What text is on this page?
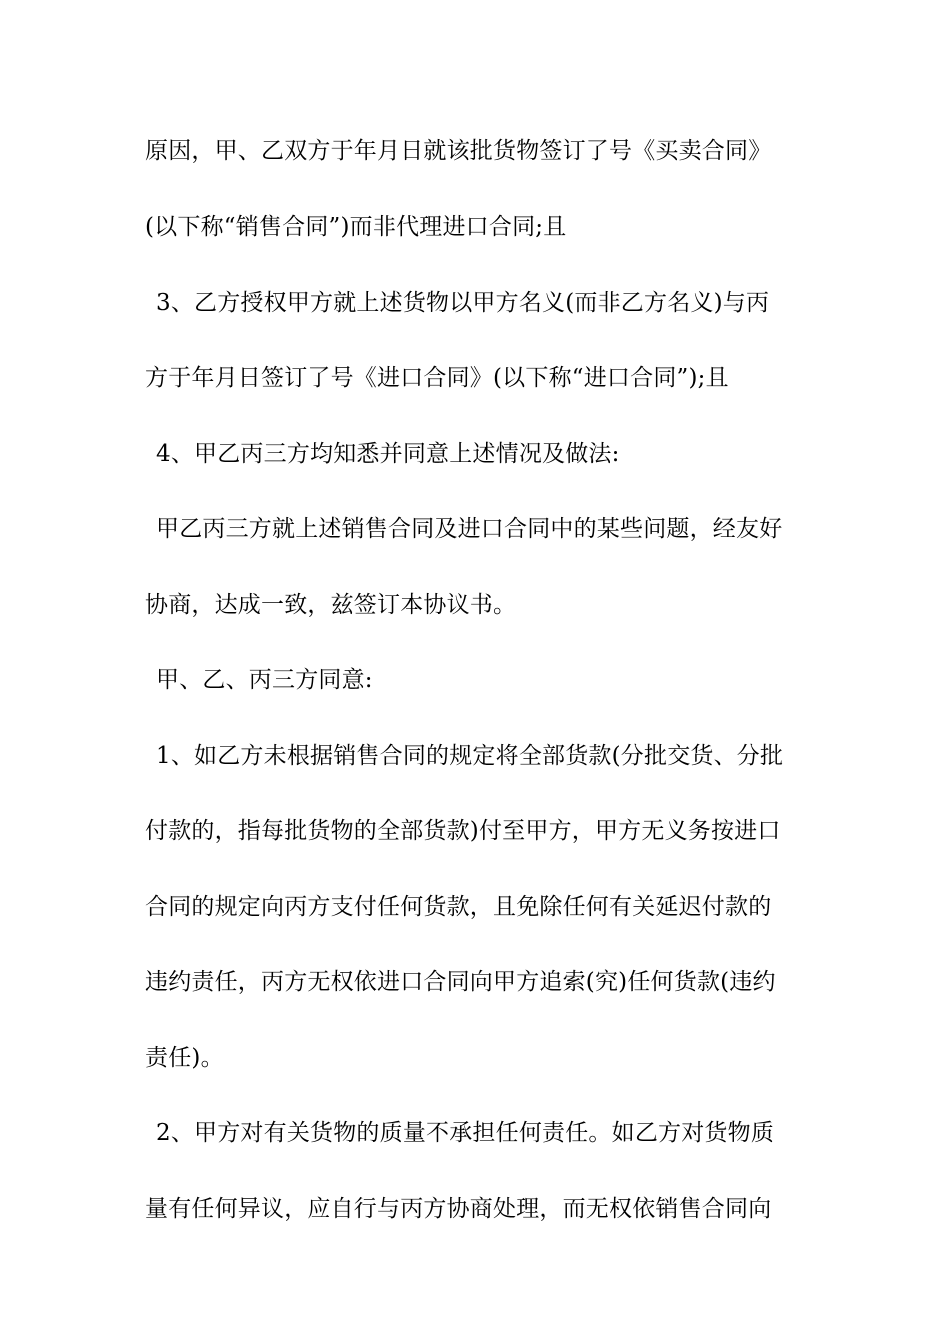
原因，甲、乙双方于年月日就该批货物签订了号《买卖合同》
(以下称“销售合同”)而非代理进口合同;且
3、乙方授权甲方就上述货物以甲方名义(而非乙方名义)与丙
方于年月日签订了号《进口合同》(以下称“进口合同”);且
4、甲乙丙三方均知悉并同意上述情况及做法:
甲乙丙三方就上述销售合同及进口合同中的某些问题，经友好
协商，达成一致，兹签订本协议书。
甲、乙、丙三方同意:
1、如乙方未根据销售合同的规定将全部货款(分批交货、分批
付款的，指每批货物的全部货款)付至甲方，甲方无义务按进口
合同的规定向丙方支付任何货款，且免除任何有关延迟付款的
违约责任，丙方无权依进口合同向甲方追索(究)任何货款(违约
责任)。
2、甲方对有关货物的质量不承担任何责任。如乙方对货物质
量有任何异议，应自行与丙方协商处理，而无权依销售合同向
